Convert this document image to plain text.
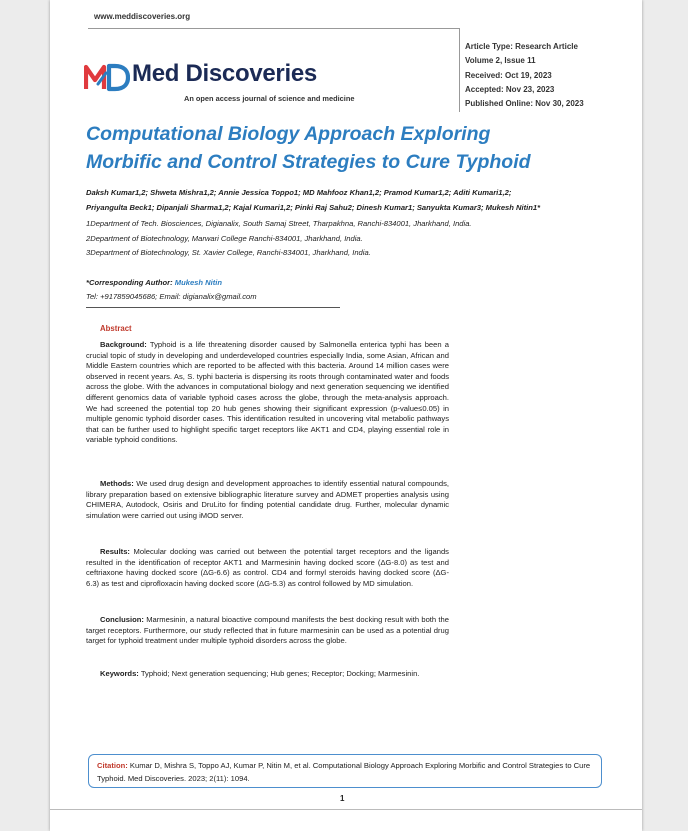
www.meddiscoveries.org
Article Type: Research Article
Volume 2, Issue 11
Received: Oct 19, 2023
Accepted: Nov 23, 2023
Published Online: Nov 30, 2023
Med Discoveries
An open access journal of science and medicine
Computational Biology Approach Exploring
Morbific and Control Strategies to Cure Typhoid
Daksh Kumar1,2; Shweta Mishra1,2; Annie Jessica Toppo1; MD Mahfooz Khan1,2; Pramod Kumar1,2; Aditi Kumari1,2;
Priyangulta Beck1; Dipanjali Sharma1,2; Kajal Kumari1,2; Pinki Raj Sahu2; Dinesh Kumar1; Sanyukta Kumar3; Mukesh Nitin1*
1Department of Tech. Biosciences, Digianalix, South Samaj Street, Tharpakhna, Ranchi-834001, Jharkhand, India.
2Department of Biotechnology, Marwari College Ranchi-834001, Jharkhand, India.
3Department of Biotechnology, St. Xavier College, Ranchi-834001, Jharkhand, India.
*Corresponding Author: Mukesh Nitin
Tel: +917859045686; Email: digianalix@gmail.com
Abstract
Background: Typhoid is a life threatening disorder caused by Salmonella enterica typhi has been a crucial topic of study in developing and underdeveloped countries especially India, some Asian, African and Middle Eastern countries which are reported to be affected with this bacteria. Around 14 million cases were observed in recent years. As, S. typhi bacteria is dispersing its roots through contaminated water and foods across the globe. With the advances in computational biology and next generation sequencing we identified different genomics data of variable typhoid cases across the globe, through the meta-analysis approach. We had screened the potential top 20 hub genes showing their significant expression (p-value≤0.05) in multiple genomic typhoid disorder cases. This identification resulted in uncovering vital metabolic pathways that can be further used to highlight specific target receptors like AKT1 and CD4, playing essential role in variable typhoid conditions.
Methods: We used drug design and development approaches to identify essential natural compounds, library preparation based on extensive bibliographic literature survey and ADMET properties analysis using CHIMERA, Autodock, Osiris and DruLito for finding potential candidate drug. Further, molecular dynamic simulation were carried out using iMOD server.
Results: Molecular docking was carried out between the potential target receptors and the ligands resulted in the identification of receptor AKT1 and Marmesinin having docked score (ΔG-8.0) as test and ceftriaxone having docked score (ΔG-6.6) as control. CD4 and formyl steroids having docked score (ΔG-6.3) as test and ciprofloxacin having docked score (ΔG-5.3) as control followed by MD simulation.
Conclusion: Marmesinin, a natural bioactive compound manifests the best docking result with both the target receptors. Furthermore, our study reflected that in future marmesinin can be used as a potential drug target for typhoid treatment under multiple typhoid disorders across the globe.
Keywords: Typhoid; Next generation sequencing; Hub genes; Receptor; Docking; Marmesinin.
Citation: Kumar D, Mishra S, Toppo AJ, Kumar P, Nitin M, et al. Computational Biology Approach Exploring Morbific and Control Strategies to Cure Typhoid. Med Discoveries. 2023; 2(11): 1094.
1
